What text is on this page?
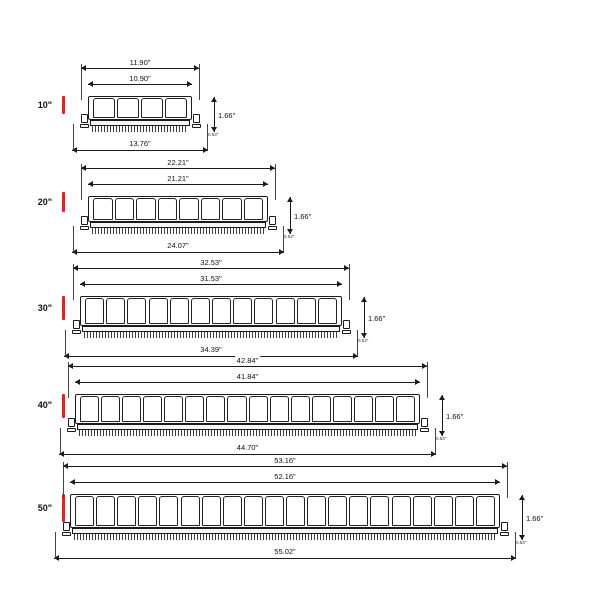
10"
11.90"
10.90"
13.76"
1.66"
0.53"
20"
22.21"
21.21"
24.07"
1.66"
0.53"
30"
32.53"
31.53"
34.39"
1.66"
0.53"
40"
42.84"
41.84"
44.70"
1.66"
0.53"
50"
53.16"
52.16"
55.02"
1.66"
0.53"
